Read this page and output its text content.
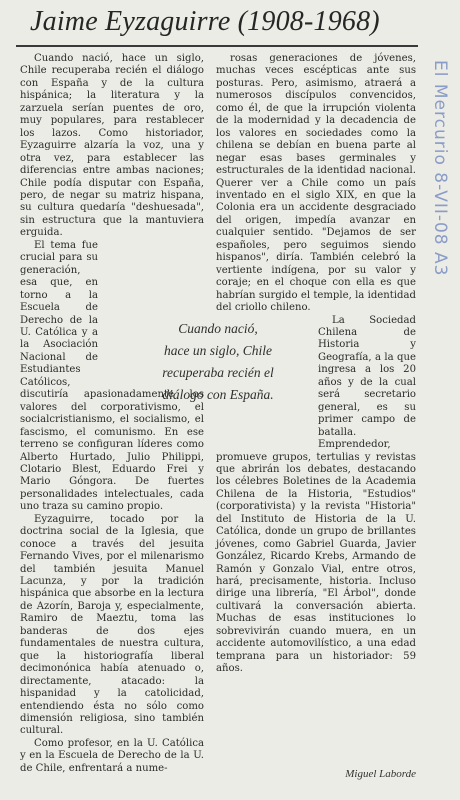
Jaime Eyzaguirre (1908-1968)

Cuando nació, hace un siglo, Chile recuperaba recién el diálogo con España y de la cultura hispánica; la literatura y la zarzuela serían puentes de oro, muy populares, para restablecer los lazos. Como historiador, Eyzaguirre alzaría la voz, una y otra vez, para establecer las diferencias entre ambas naciones; Chile podía disputar con España, pero, de negar su matriz hispana, su cultura quedaría "deshuesada", sin estructura que la mantuviera erguida.

El tema fue crucial para su generación, esa que, en torno a la Escuela de Derecho de la U. Católica y a la Asociación Nacional de Estudiantes Católicos, discutiría apasionadamente los valores del corporativismo, el socialcristianismo, el socialismo, el fascismo, el comunismo. En ese terreno se configuran líderes como Alberto Hurtado, Julio Philippi, Clotario Blest, Eduardo Frei y Mario Góngora. De fuertes personalidades intelectuales, cada uno traza su camino propio.

Eyzaguirre, tocado por la doctrina social de la Iglesia, que conoce a través del jesuita Fernando Vives, por el milenarismo del también jesuita Manuel Lacunza, y por la tradición hispánica que absorbe en la lectura de Azorín, Baroja y, especialmente, Ramiro de Maeztu, toma las banderas de dos ejes fundamentales de nuestra cultura, que la historiografía liberal decimonónica había atenuado o, directamente, atacado: la hispanidad y la catolicidad, entendiendo ésta no sólo como dimensión religiosa, sino también cultural.

Como profesor, en la U. Católica y en la Escuela de Derecho de la U. de Chile, enfrentará a nume-

rosas generaciones de jóvenes, muchas veces escépticas ante sus posturas. Pero, asimismo, atraerá a numerosos discípulos convencidos, como él, de que la irrupción violenta de la modernidad y la decadencia de los valores en sociedades como la chilena se debían en buena parte al negar esas bases germinales y estructurales de la identidad nacional. Querer ver a Chile como un país inventado en el siglo XIX, en que la Colonia era un accidente desgraciado del origen, impedía avanzar en cualquier sentido. "Dejamos de ser españoles, pero seguimos siendo hispanos", diría. También celebró la vertiente indígena, por su valor y coraje; en el choque con ella es que habrían surgido el temple, la identidad del criollo chileno.

La Sociedad Chilena de Historia y Geografía, a la que ingresa a los 20 años y de la cual será secretario general, es su primer campo de batalla. Emprendedor, promueve grupos, tertulias y revistas que abrirán los debates, destacando los célebres Boletines de la Academia Chilena de la Historia, "Estudios" (corporativista) y la revista "Historia" del Instituto de Historia de la U. Católica, donde un grupo de brillantes jóvenes, como Gabriel Guarda, Javier González, Ricardo Krebs, Armando de Ramón y Gonzalo Vial, entre otros, hará, precisamente, historia. Incluso dirige una librería, "El Árbol", donde cultivará la conversación abierta. Muchas de esas instituciones lo sobrevivirán cuando muera, en un accidente automovilístico, a una edad temprana para un historiador: 59 años.

Cuando nació,
hace un siglo, Chile
recuperaba recién el
diálogo con España.
Miguel Laborde
El Mercurio 8-VII-08 A3
